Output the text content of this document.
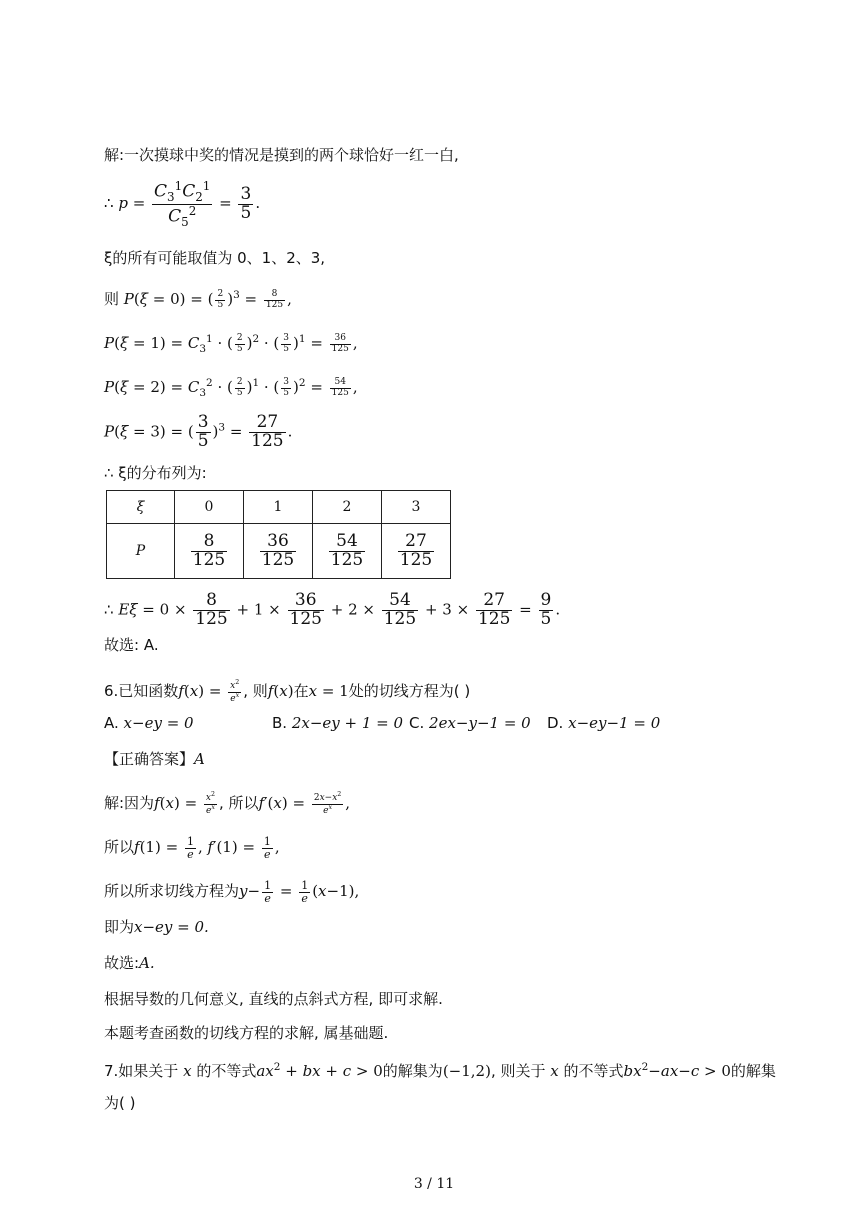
解:一次摸球中奖的情况是摸到的两个球恰好一红一白,
∴ $p = \frac{C_3^1C_2^1}{C_5^2} = \frac{3}{5}$ .
ξ的所有可能取值为 0、1、2、3,
则 P(ξ = 0) = ( $\frac{2}{5} )^3 = \frac{8}{125}$ ,
$P(\xi = 1) = C_3^1$ · ( $\frac{2}{5} )^2$ · ( $\frac{3}{5} )^1 = \frac{36}{125}$ ,
$P(\xi = 2) = C_3^2$ · ( $\frac{2}{5} )^1$ · ( $\frac{3}{5} )^2 = \frac{54}{125}$ ,
P(ξ = 3) = ( $\frac{3}{5} )^3 = \frac{27}{125}$ .
∴ ξ的分布列为:
ξ	0	1	2	3
P	$\frac{8}{125}$	$\frac{36}{125}$	$\frac{54}{125}$	$\frac{27}{125}$
∴ $E\xi = 0 \times \frac{8}{125} + 1 \times \frac{36}{125} + 2 \times \frac{54}{125} + 3 \times \frac{27}{125} = \frac{9}{5}$ .
故选: A.
6.已知函数$f(x) = \frac{x^2}{e^x}$ , 则f(x)在x = 1处的切线方程为( )
A. x−ey = 0	B. 2x−ey + 1 = 0 C. 2ex−y−1 = 0 D. x−ey−1 = 0
【正确答案】A
解:因为$f(x) = \frac{x^2}{e^x}$ , 所以$f'(x) = \frac{2x-x^2}{e^x}$ ,
所以$f(1) = \frac{1}{e}$ , $f'(1) = \frac{1}{e}$ ,
所以所求切线方程为$y- \frac{1}{e} = \frac{1}{e} (x-1)$,
即为x−ey = 0.
故选:A.
根据导数的几何意义, 直线的点斜式方程, 即可求解.
本题考查函数的切线方程的求解, 属基础题.
7.如果关于 x 的不等式$ax^2$ + bx + c > 0的解集为(−1,2), 则关于 x 的不等式$bx^2-ax-c > 0$的解集
为( )
3 / 11
